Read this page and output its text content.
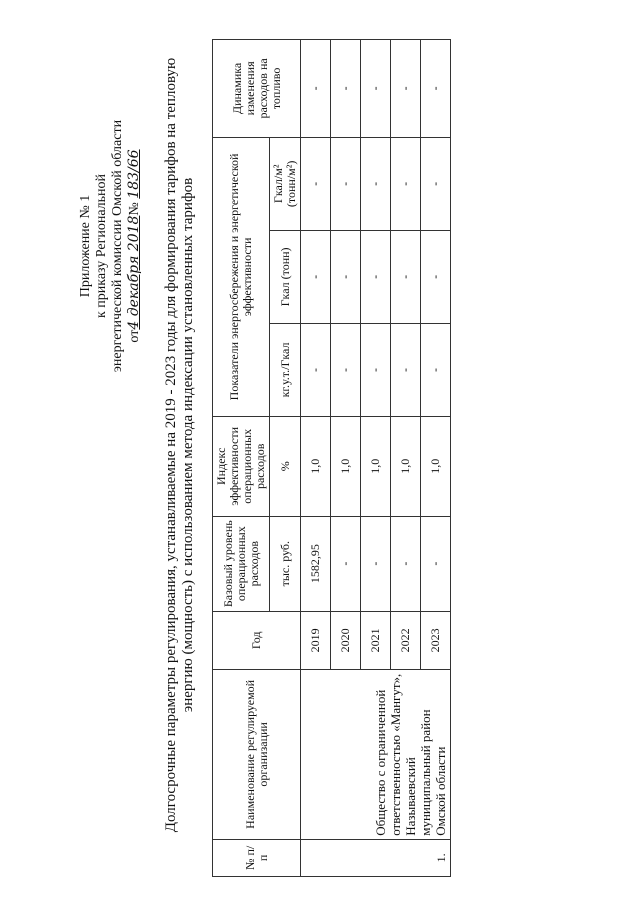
Приложение № 1 к приказу Региональной энергетической комиссии Омской области от4 декабря 2018№ 183/66 Долгосрочные параметры регулирования, устанавливаемые на 2019 - 2023 годы для формирования тарифов на тепловую энергию (мощность) с использованием метода индексации установленных тарифов
№ п/п	Наименование регулируемой организации	Год	Базовый уровень операционных расходов	Индекс эффективности операционных расходов	Показатели энергосбережения и энергетической эффективности			Динамика изменения расходов на топливо
			тыс. руб.	%	кг.у.т./Гкал	Гкал (тонн)	Гкал/м²
(тонн/м²)	
1.	Общество с ограниченной ответственностью «Мангут», Называевский муниципальный район Омской области	2019	1582,95	1,0	-	-	-	-
		2020	-	1,0	-	-	-	-
		2021	-	1,0	-	-	-	-
		2022	-	1,0	-	-	-	-
		2023	-	1,0	-	-	-	-
